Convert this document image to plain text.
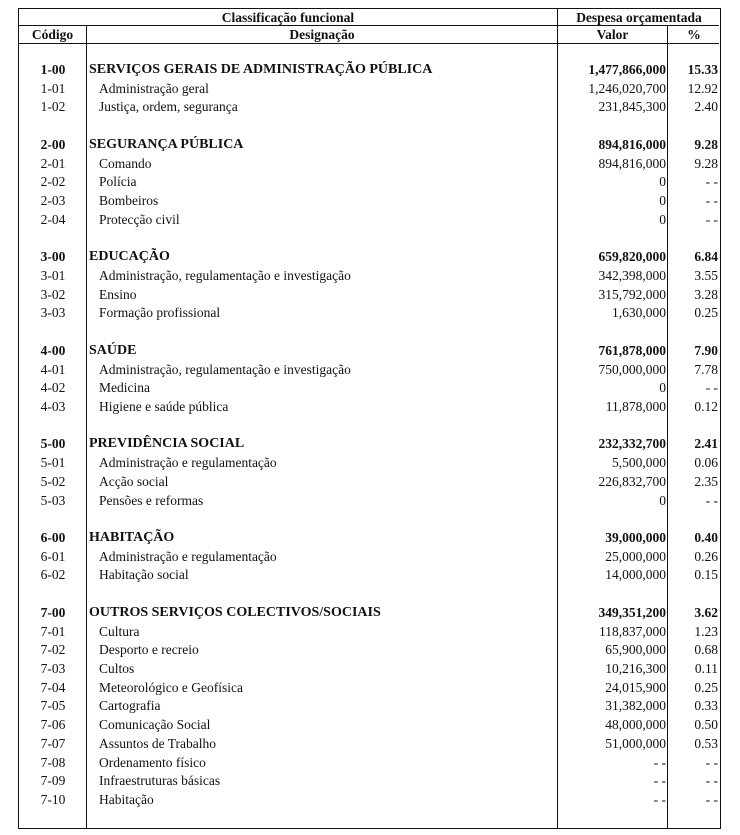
Classificação funcional	Despesa orçamentada
Código	Designação	Valor	%
1-00	SERVIÇOS GERAIS DE ADMINISTRAÇÃO PÚBLICA	1,477,866,000	15.33
1-01	Administração geral	1,246,020,700	12.92
1-02	Justiça, ordem, segurança	231,845,300	2.40
2-00	SEGURANÇA PÚBLICA	894,816,000	9.28
2-01	Comando	894,816,000	9.28
2-02	Polícia	0	- -
2-03	Bombeiros	0	- -
2-04	Protecção civil	0	- -
3-00	EDUCAÇÃO	659,820,000	6.84
3-01	Administração, regulamentação e investigação	342,398,000	3.55
3-02	Ensino	315,792,000	3.28
3-03	Formação profissional	1,630,000	0.25
4-00	SAÚDE	761,878,000	7.90
4-01	Administração, regulamentação e investigação	750,000,000	7.78
4-02	Medicina	0	- -
4-03	Higiene e saúde pública	11,878,000	0.12
5-00	PREVIDÊNCIA SOCIAL	232,332,700	2.41
5-01	Administração e regulamentação	5,500,000	0.06
5-02	Acção social	226,832,700	2.35
5-03	Pensões e reformas	0	- -
6-00	HABITAÇÃO	39,000,000	0.40
6-01	Administração e regulamentação	25,000,000	0.26
6-02	Habitação social	14,000,000	0.15
7-00	OUTROS SERVIÇOS COLECTIVOS/SOCIAIS	349,351,200	3.62
7-01	Cultura	118,837,000	1.23
7-02	Desporto e recreio	65,900,000	0.68
7-03	Cultos	10,216,300	0.11
7-04	Meteorológico e Geofísica	24,015,900	0.25
7-05	Cartografia	31,382,000	0.33
7-06	Comunicação Social	48,000,000	0.50
7-07	Assuntos de Trabalho	51,000,000	0.53
7-08	Ordenamento físico	- -	- -
7-09	Infraestruturas básicas	- -	- -
7-10	Habitação	- -	- -
